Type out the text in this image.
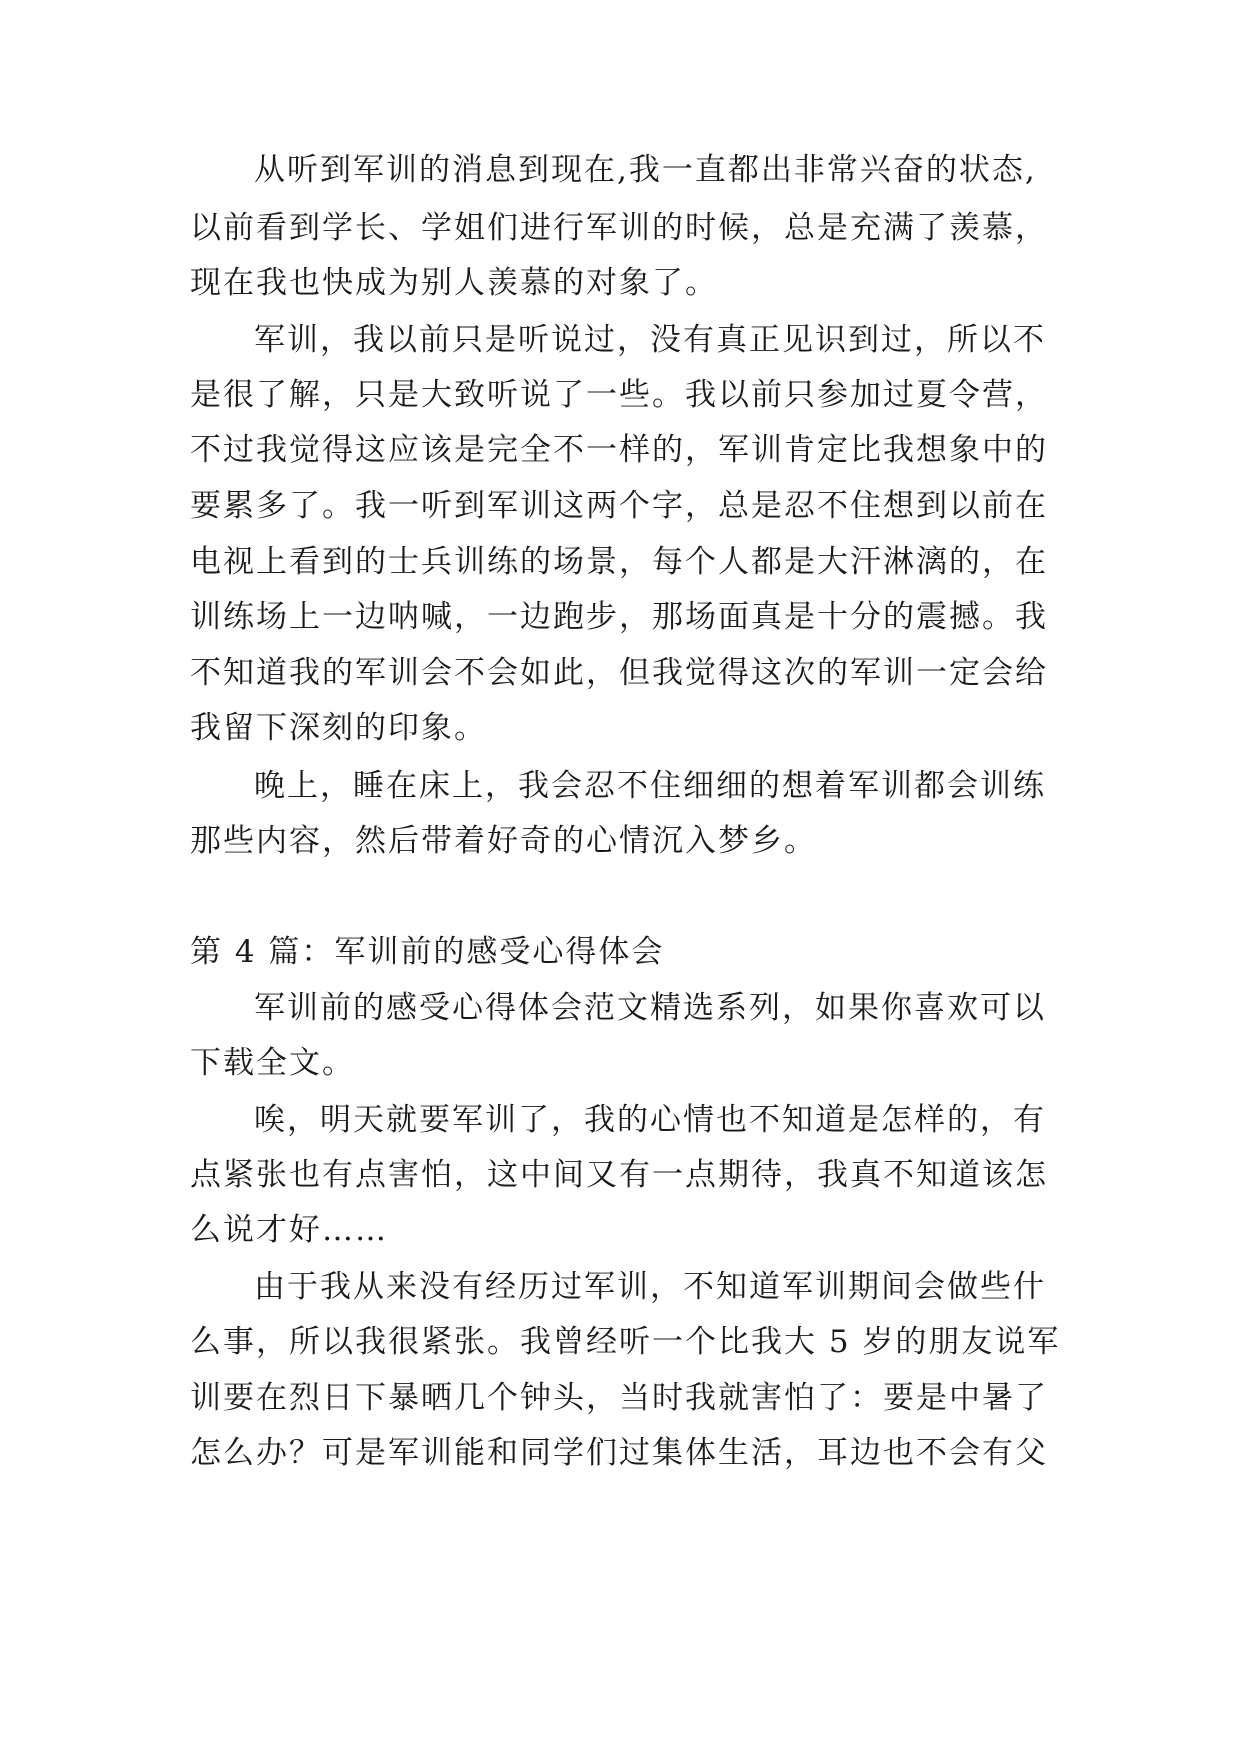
从听到军训的消息到现在,我一直都出非常兴奋的状态,
以前看到学长、学姐们进行军训的时候，总是充满了羡慕，
现在我也快成为别人羡慕的对象了。
军训，我以前只是听说过，没有真正见识到过，所以不
是很了解，只是大致听说了一些。我以前只参加过夏令营，
不过我觉得这应该是完全不一样的，军训肯定比我想象中的
要累多了。我一听到军训这两个字，总是忍不住想到以前在
电视上看到的士兵训练的场景，每个人都是大汗淋漓的，在
训练场上一边呐喊，一边跑步，那场面真是十分的震撼。我
不知道我的军训会不会如此，但我觉得这次的军训一定会给
我留下深刻的印象。
晚上，睡在床上，我会忍不住细细的想着军训都会训练
那些内容，然后带着好奇的心情沉入梦乡。
第 4 篇：军训前的感受心得体会
军训前的感受心得体会范文精选系列，如果你喜欢可以
下载全文。
唉，明天就要军训了，我的心情也不知道是怎样的，有
点紧张也有点害怕，这中间又有一点期待，我真不知道该怎
么说才好……
由于我从来没有经历过军训，不知道军训期间会做些什
么事，所以我很紧张。我曾经听一个比我大 5 岁的朋友说军
训要在烈日下暴晒几个钟头，当时我就害怕了：要是中暑了
怎么办？可是军训能和同学们过集体生活，耳边也不会有父
